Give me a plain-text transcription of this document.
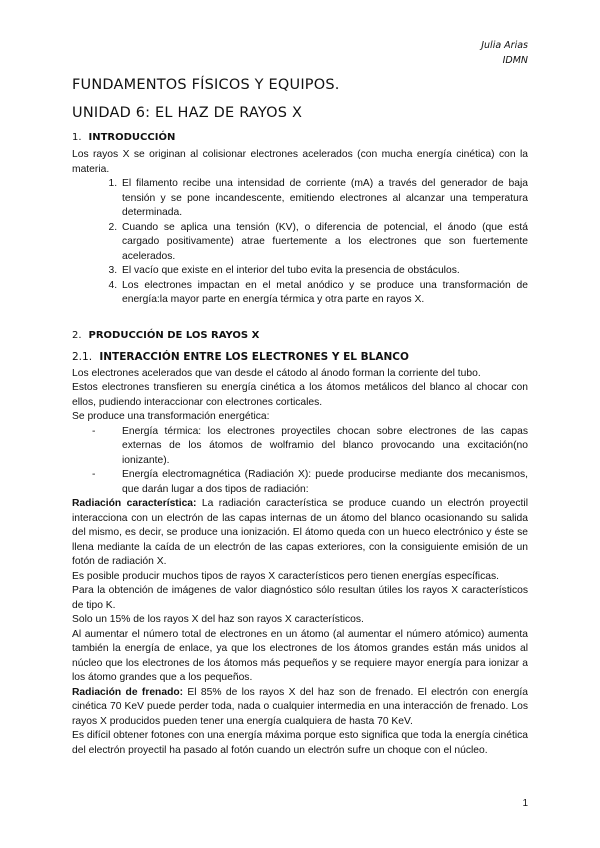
Julia Arias
IDMN
FUNDAMENTOS FÍSICOS Y EQUIPOS.
UNIDAD 6: EL HAZ DE RAYOS X
1. INTRODUCCIÓN

Los rayos X se originan al colisionar electrones acelerados (con mucha energía cinética) con la materia.

1. El filamento recibe una intensidad de corriente (mA) a través del generador de baja tensión y se pone incandescente, emitiendo electrones al alcanzar una temperatura determinada.
2. Cuando se aplica una tensión (KV), o diferencia de potencial, el ánodo (que está cargado positivamente) atrae fuertemente a los electrones que son fuertemente acelerados.
3. El vacío que existe en el interior del tubo evita la presencia de obstáculos.
4. Los electrones impactan en el metal anódico y se produce una transformación de energía:la mayor parte en energía térmica y otra parte en rayos X.
2. PRODUCCIÓN DE LOS RAYOS X
2.1. INTERACCIÓN ENTRE LOS ELECTRONES Y EL BLANCO

Los electrones acelerados que van desde el cátodo al ánodo forman la corriente del tubo.

Estos electrones transfieren su energía cinética a los átomos metálicos del blanco al chocar con ellos, pudiendo interaccionar con electrones corticales.

Se produce una transformación energética:

-	Energía térmica: los electrones proyectiles chocan sobre electrones de las capas externas de los átomos de wolframio del blanco provocando una excitación(no ionizante).
-	Energía electromagnética (Radiación X): puede producirse mediante dos mecanismos, que darán lugar a dos tipos de radiación:

Radiación característica: La radiación característica se produce cuando un electrón proyectil interacciona con un electrón de las capas internas de un átomo del blanco ocasionando su salida del mismo, es decir, se produce una ionización. El átomo queda con un hueco electrónico y éste se llena mediante la caída de un electrón de las capas exteriores, con la consiguiente emisión de un fotón de radiación X.

Es posible producir muchos tipos de rayos X característicos pero tienen energías específicas.

Para la obtención de imágenes de valor diagnóstico sólo resultan útiles los rayos X característicos de tipo K.

Solo un 15% de los rayos X del haz son rayos X característicos.

Al aumentar el número total de electrones en un átomo (al aumentar el número atómico) aumenta también la energía de enlace, ya que los electrones de los átomos grandes están más unidos al núcleo que los electrones de los átomos más pequeños y se requiere mayor energía para ionizar a los átomo grandes que a los pequeños.

Radiación de frenado: El 85% de los rayos X del haz son de frenado. El electrón con energía cinética 70 KeV puede perder toda, nada o cualquier intermedia en una interacción de frenado. Los rayos X producidos pueden tener una energía cualquiera de hasta 70 KeV.

Es difícil obtener fotones con una energía máxima porque esto significa que toda la energía cinética del electrón proyectil ha pasado al fotón cuando un electrón sufre un choque con el núcleo.

1
